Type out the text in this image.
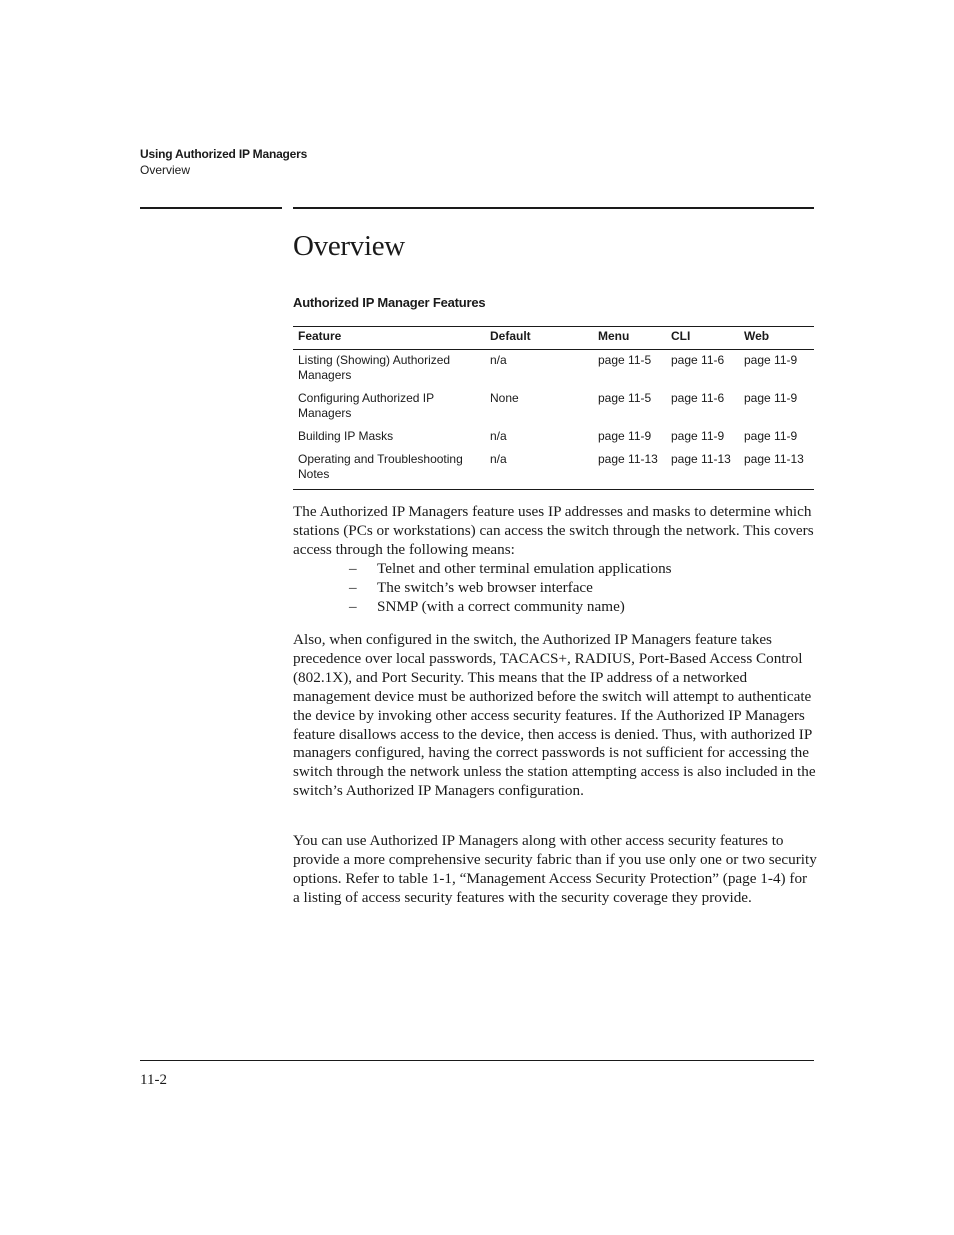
Using Authorized IP Managers
Overview
Overview
Authorized IP Manager Features
Feature	Default	Menu	CLI	Web
Listing (Showing) Authorized Managers	n/a	page 11-5	page 11-6	page 11-9
Configuring Authorized IP Managers	None	page 11-5	page 11-6	page 11-9
Building IP Masks	n/a	page 11-9	page 11-9	page 11-9
Operating and Troubleshooting Notes	n/a	page 11-13	page 11-13	page 11-13

The Authorized IP Managers feature uses IP addresses and masks to determine which stations (PCs or workstations) can access the switch through the network. This covers access through the following means:

– Telnet and other terminal emulation applications
– The switch’s web browser interface
– SNMP (with a correct community name)

Also, when configured in the switch, the Authorized IP Managers feature takes precedence over local passwords, TACACS+, RADIUS, Port-Based Access Control (802.1X), and Port Security. This means that the IP address of a networked management device must be authorized before the switch will attempt to authenticate the device by invoking other access security features. If the Authorized IP Managers feature disallows access to the device, then access is denied. Thus, with authorized IP managers configured, having the correct passwords is not sufficient for accessing the switch through the network unless the station attempting access is also included in the switch’s Authorized IP Managers configuration.

You can use Authorized IP Managers along with other access security features to provide a more comprehensive security fabric than if you use only one or two security options. Refer to table 1-1, “Management Access Security Protection” (page 1-4) for a listing of access security features with the security coverage they provide.

11-2
